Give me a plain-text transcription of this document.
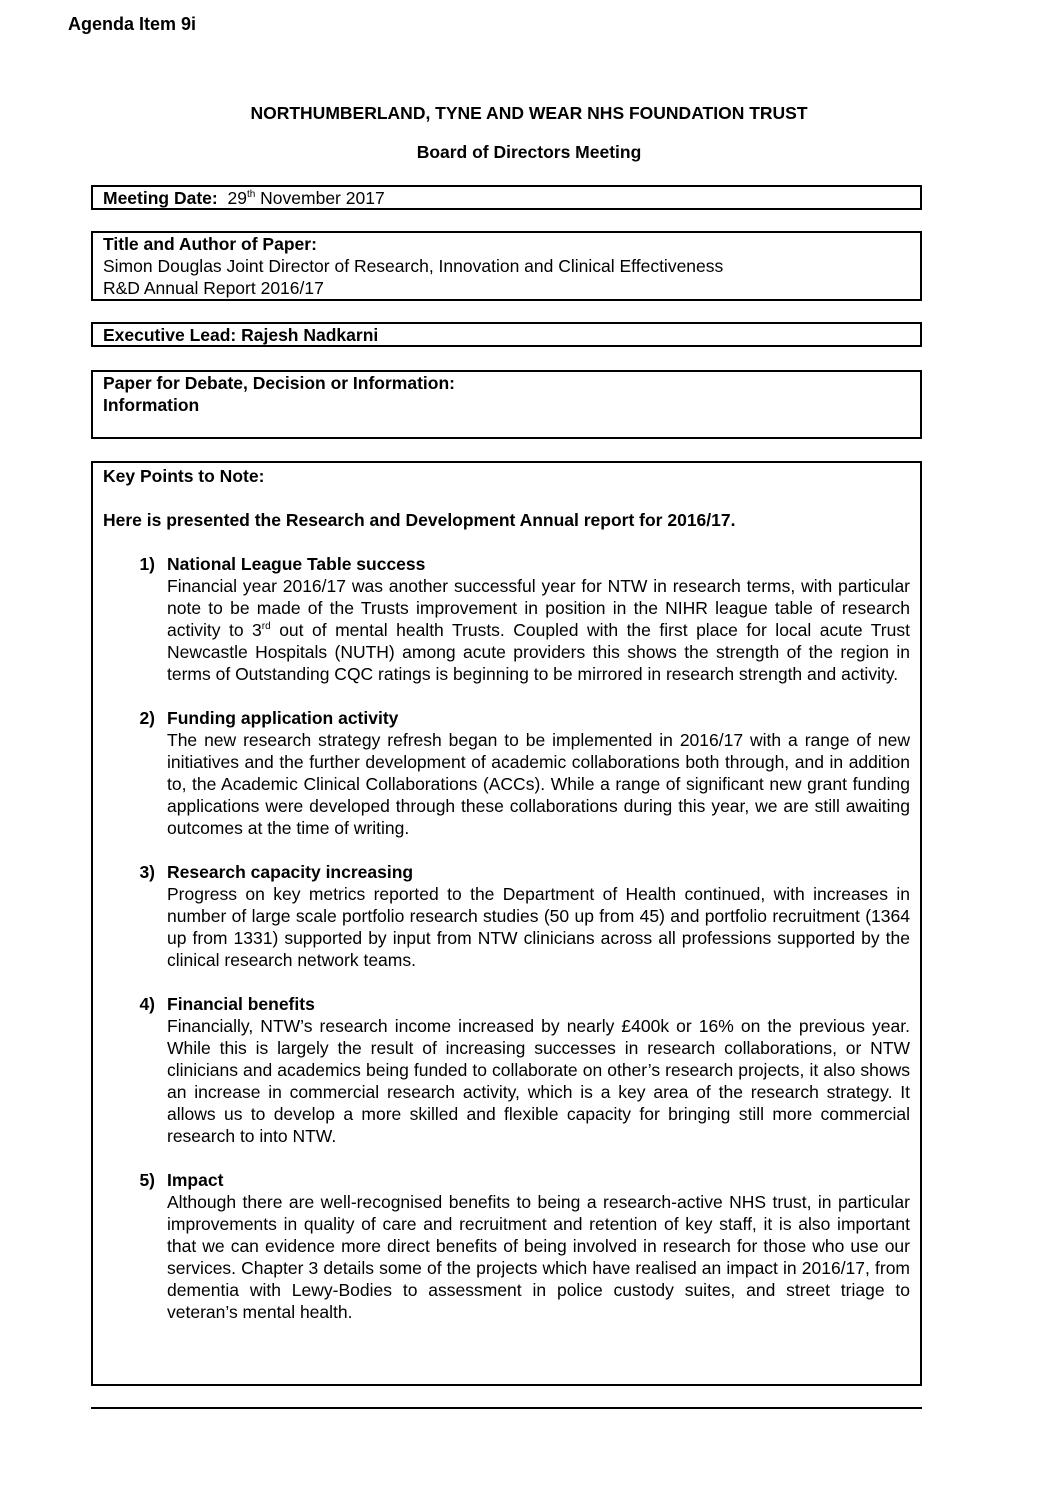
Agenda Item 9i
NORTHUMBERLAND, TYNE AND WEAR NHS FOUNDATION TRUST
Board of Directors Meeting
Meeting Date: 29th November 2017
Title and Author of Paper:
Simon Douglas Joint Director of Research, Innovation and Clinical Effectiveness
R&D Annual Report 2016/17
Executive Lead: Rajesh Nadkarni
Paper for Debate, Decision or Information:
Information
Key Points to Note:
Here is presented the Research and Development Annual report for 2016/17.
1) National League Table success
Financial year 2016/17 was another successful year for NTW in research terms, with particular note to be made of the Trusts improvement in position in the NIHR league table of research activity to 3rd out of mental health Trusts. Coupled with the first place for local acute Trust Newcastle Hospitals (NUTH) among acute providers this shows the strength of the region in terms of Outstanding CQC ratings is beginning to be mirrored in research strength and activity.
2) Funding application activity
The new research strategy refresh began to be implemented in 2016/17 with a range of new initiatives and the further development of academic collaborations both through, and in addition to, the Academic Clinical Collaborations (ACCs). While a range of significant new grant funding applications were developed through these collaborations during this year, we are still awaiting outcomes at the time of writing.
3) Research capacity increasing
Progress on key metrics reported to the Department of Health continued, with increases in number of large scale portfolio research studies (50 up from 45) and portfolio recruitment (1364 up from 1331) supported by input from NTW clinicians across all professions supported by the clinical research network teams.
4) Financial benefits
Financially, NTW’s research income increased by nearly £400k or 16% on the previous year. While this is largely the result of increasing successes in research collaborations, or NTW clinicians and academics being funded to collaborate on other’s research projects, it also shows an increase in commercial research activity, which is a key area of the research strategy. It allows us to develop a more skilled and flexible capacity for bringing still more commercial research to into NTW.
5) Impact
Although there are well-recognised benefits to being a research-active NHS trust, in particular improvements in quality of care and recruitment and retention of key staff, it is also important that we can evidence more direct benefits of being involved in research for those who use our services. Chapter 3 details some of the projects which have realised an impact in 2016/17, from dementia with Lewy-Bodies to assessment in police custody suites, and street triage to veteran’s mental health.
